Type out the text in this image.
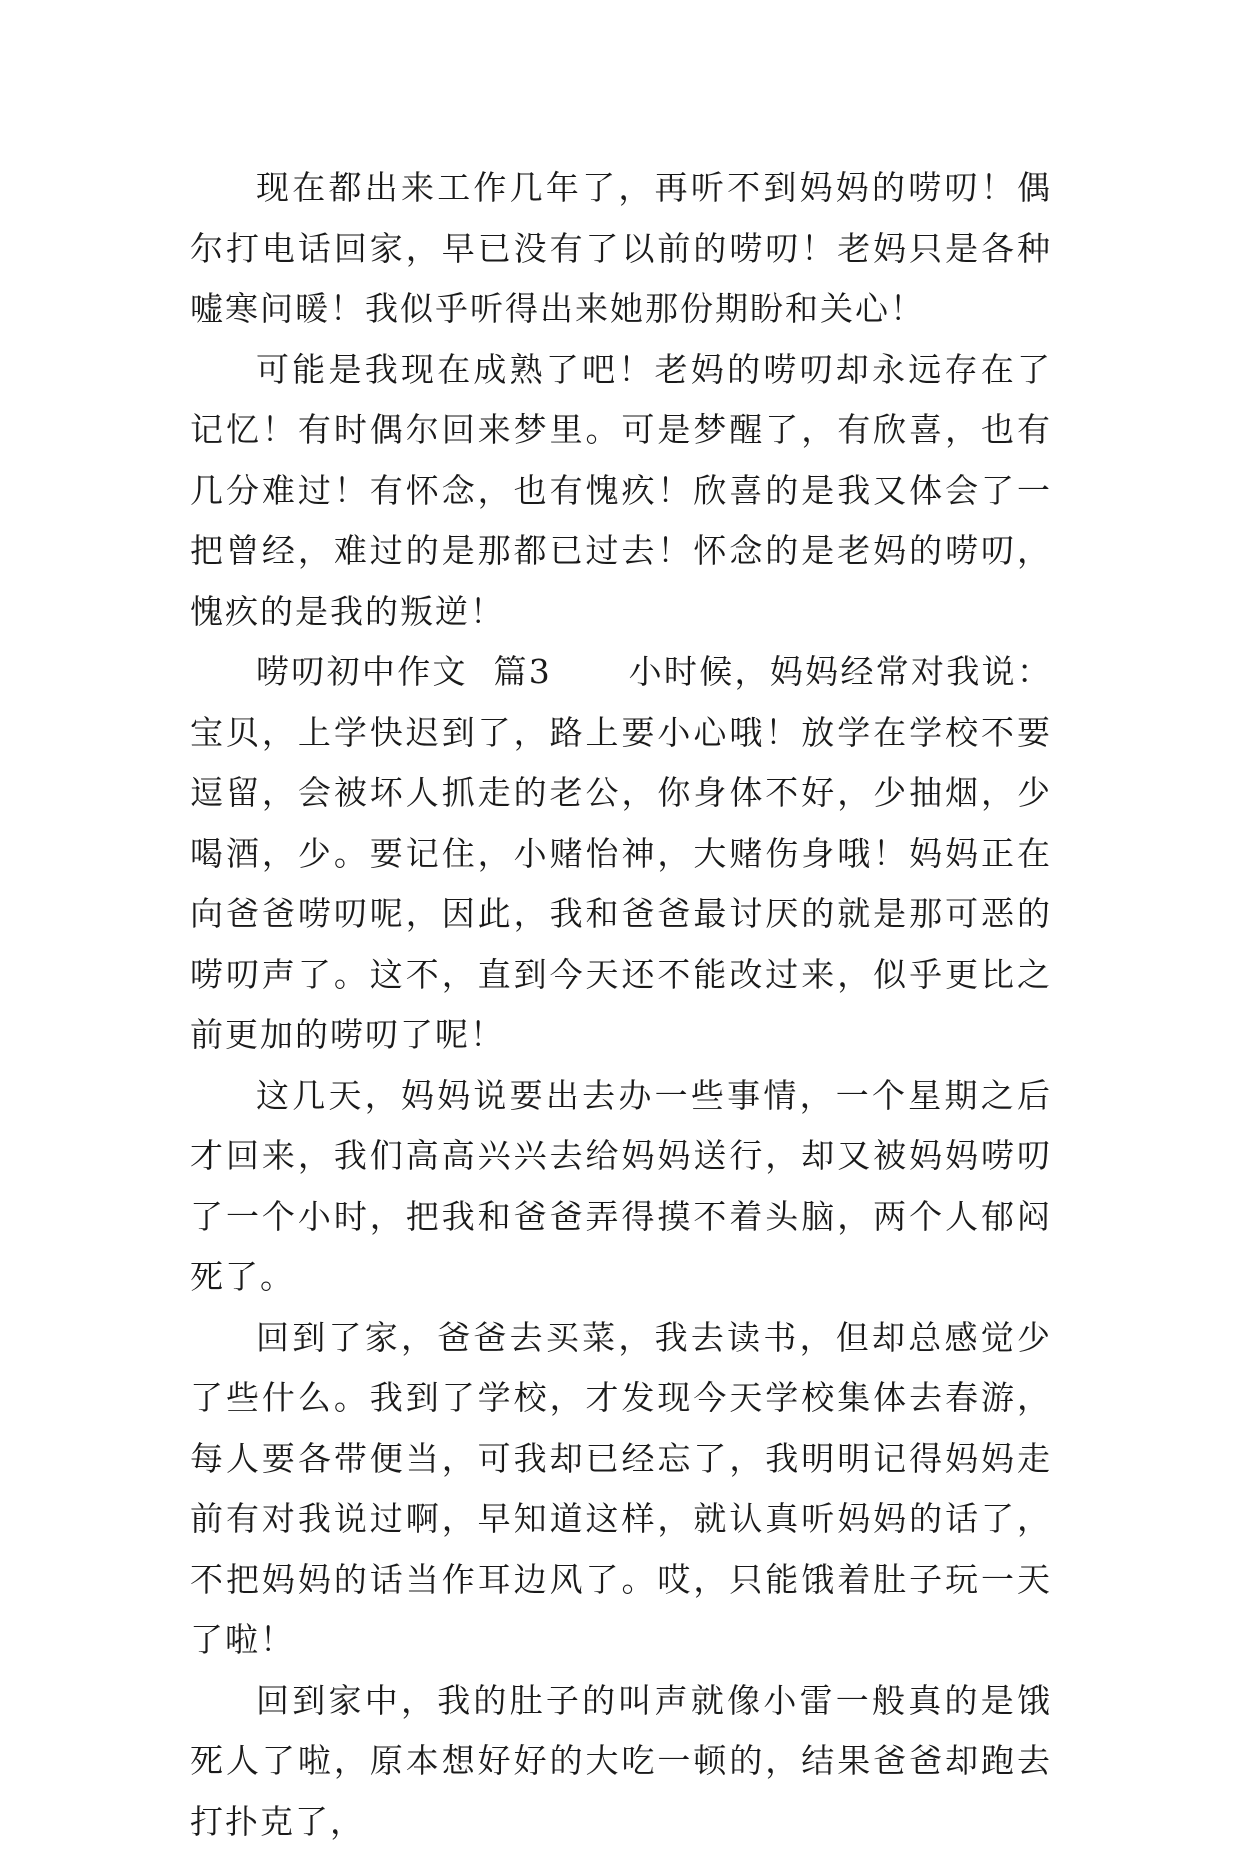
现在都出来工作几年了，再听不到妈妈的唠叨！偶尔打电话回家，早已没有了以前的唠叨！老妈只是各种嘘寒问暖！我似乎听得出来她那份期盼和关心！

可能是我现在成熟了吧！老妈的唠叨却永远存在了记忆！有时偶尔回来梦里。可是梦醒了，有欣喜，也有几分难过！有怀念，也有愧疚！欣喜的是我又体会了一把曾经，难过的是那都已过去！怀念的是老妈的唠叨，愧疚的是我的叛逆！

唠叨初中作文  篇3      小时候，妈妈经常对我说：宝贝，上学快迟到了，路上要小心哦！放学在学校不要逗留，会被坏人抓走的老公，你身体不好，少抽烟，少喝酒，少。要记住，小赌怡神，大赌伤身哦！妈妈正在向爸爸唠叨呢，因此，我和爸爸最讨厌的就是那可恶的唠叨声了。这不，直到今天还不能改过来，似乎更比之前更加的唠叨了呢！

这几天，妈妈说要出去办一些事情，一个星期之后才回来，我们高高兴兴去给妈妈送行，却又被妈妈唠叨了一个小时，把我和爸爸弄得摸不着头脑，两个人郁闷死了。

回到了家，爸爸去买菜，我去读书，但却总感觉少了些什么。我到了学校，才发现今天学校集体去春游，每人要各带便当，可我却已经忘了，我明明记得妈妈走前有对我说过啊，早知道这样，就认真听妈妈的话了，不把妈妈的话当作耳边风了。哎，只能饿着肚子玩一天了啦！

回到家中，我的肚子的叫声就像小雷一般真的是饿死人了啦，原本想好好的大吃一顿的，结果爸爸却跑去打扑克了，
